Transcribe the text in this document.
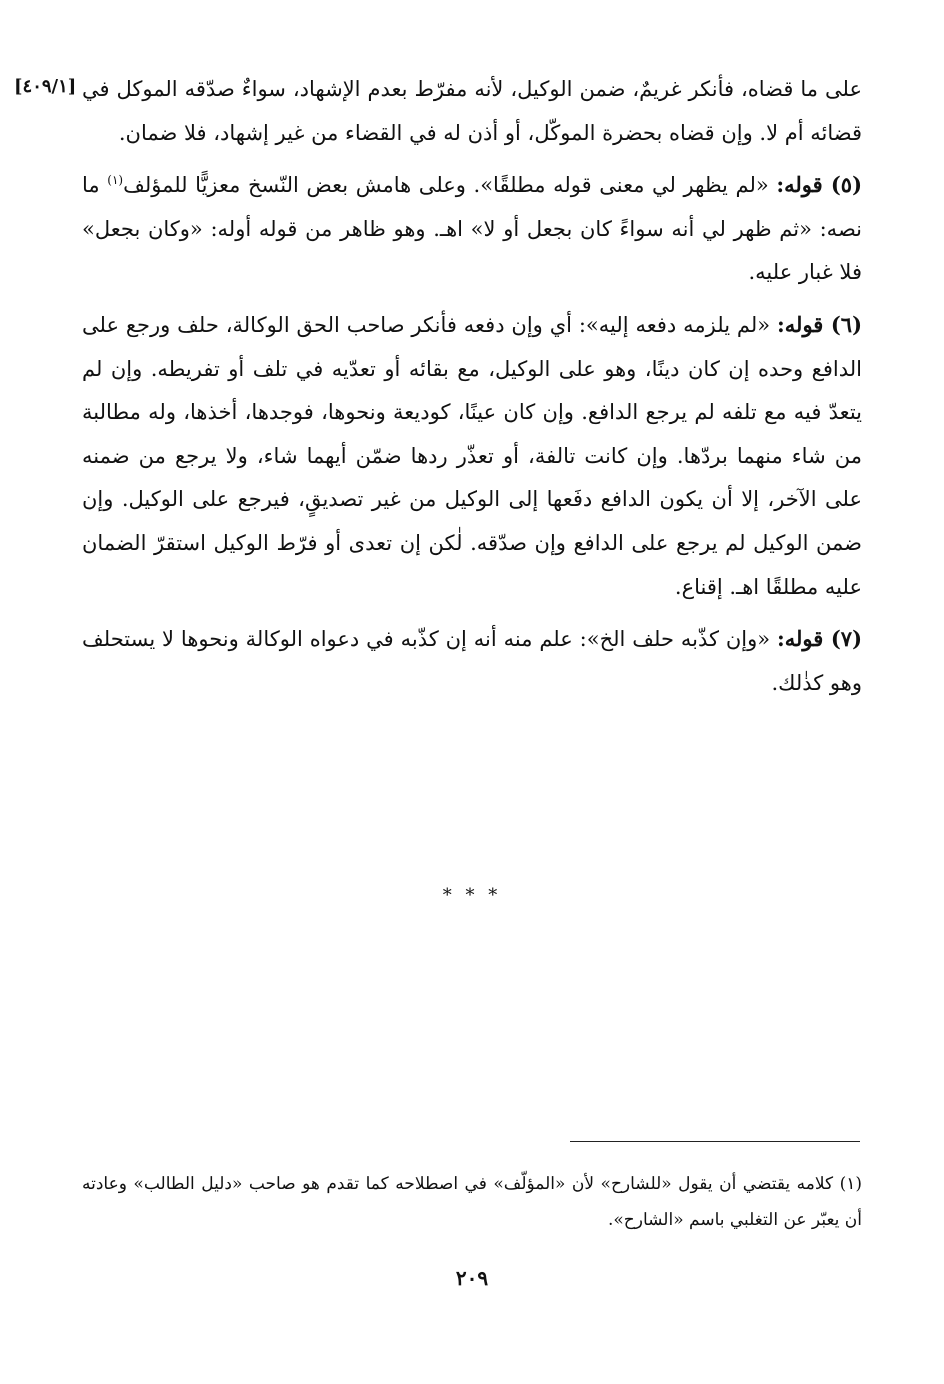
[٤٠٩/١] على ما قضاه، فأنكر غريمٌ، ضمن الوكيل، لأنه مفرّط بعدم الإشهاد، سواءٌ صدّقه الموكل في قضائه أم لا. وإن قضاه بحضرة الموكّل، أو أذن له في القضاء من غير إشهاد، فلا ضمان.

(٥) قوله: «لم يظهر لي معنى قوله مطلقًا». وعلى هامش بعض النّسخ معزيًّا للمؤلف$^{(١)}$ ما نصه: «ثم ظهر لي أنه سواءً كان بجعل أو لا» اهـ. وهو ظاهر من قوله أوله: «وكان بجعل» فلا غبار عليه.

(٦) قوله: «لم يلزمه دفعه إليه»: أي وإن دفعه فأنكر صاحب الحق الوكالة، حلف ورجع على الدافع وحده إن كان دينًا، وهو على الوكيل، مع بقائه أو تعدّيه في تلف أو تفريطه. وإن لم يتعدّ فيه مع تلفه لم يرجع الدافع. وإن كان عينًا، كوديعة ونحوها، فوجدها، أخذها، وله مطالبة من شاء منهما بردّها. وإن كانت تالفة، أو تعذّر ردها ضمّن أيهما شاء، ولا يرجع من ضمنه على الآخر، إلا أن يكون الدافع دفَعها إلى الوكيل من غير تصديقٍ، فيرجع على الوكيل. وإن ضمن الوكيل لم يرجع على الدافع وإن صدّقه. لٰكن إن تعدى أو فرّط الوكيل استقرّ الضمان عليه مطلقًا اهـ. إقناع.

(٧) قوله: «وإن كذّبه حلف الخ»: علم منه أنه إن كذّبه في دعواه الوكالة ونحوها لا يستحلف وهو كذٰلك.

* * *
(١) كلامه يقتضي أن يقول «للشارح» لأن «المؤلّف» في اصطلاحه كما تقدم هو صاحب «دليل الطالب» وعادته أن يعبّر عن التغلبي باسم «الشارح».
٢٠٩
